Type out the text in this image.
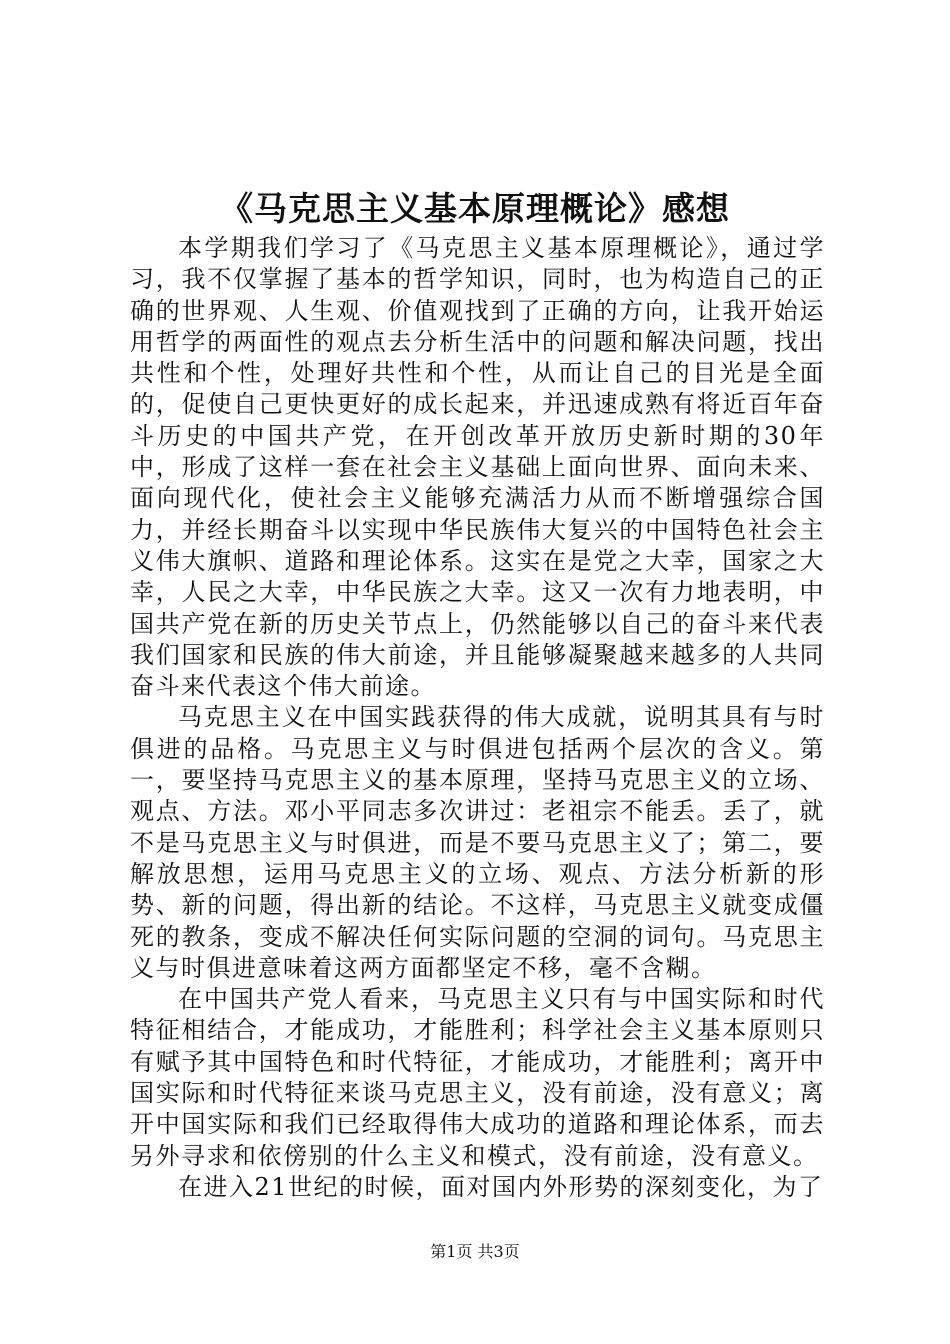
《马克思主义基本原理概论》感想

本学期我们学习了《马克思主义基本原理概论》，通过学习，我不仅掌握了基本的哲学知识，同时，也为构造自己的正确的世界观、人生观、价值观找到了正确的方向，让我开始运用哲学的两面性的观点去分析生活中的问题和解决问题，找出共性和个性，处理好共性和个性，从而让自己的目光是全面的，促使自己更快更好的成长起来，并迅速成熟有将近百年奋斗历史的中国共产党，在开创改革开放历史新时期的30年中，形成了这样一套在社会主义基础上面向世界、面向未来、面向现代化，使社会主义能够充满活力从而不断增强综合国力，并经长期奋斗以实现中华民族伟大复兴的中国特色社会主义伟大旗帜、道路和理论体系。这实在是党之大幸，国家之大幸，人民之大幸，中华民族之大幸。这又一次有力地表明，中国共产党在新的历史关节点上，仍然能够以自己的奋斗来代表我们国家和民族的伟大前途，并且能够凝聚越来越多的人共同奋斗来代表这个伟大前途。

马克思主义在中国实践获得的伟大成就，说明其具有与时俱进的品格。马克思主义与时俱进包括两个层次的含义。第一，要坚持马克思主义的基本原理，坚持马克思主义的立场、观点、方法。邓小平同志多次讲过：老祖宗不能丢。丢了，就不是马克思主义与时俱进，而是不要马克思主义了；第二，要解放思想，运用马克思主义的立场、观点、方法分析新的形势、新的问题，得出新的结论。不这样，马克思主义就变成僵死的教条，变成不解决任何实际问题的空洞的词句。马克思主义与时俱进意味着这两方面都坚定不移，毫不含糊。

在中国共产党人看来，马克思主义只有与中国实际和时代特征相结合，才能成功，才能胜利；科学社会主义基本原则只有赋予其中国特色和时代特征，才能成功，才能胜利；离开中国实际和时代特征来谈马克思主义，没有前途，没有意义；离开中国实际和我们已经取得伟大成功的道路和理论体系，而去另外寻求和依傍别的什么主义和模式，没有前途，没有意义。

在进入21世纪的时候，面对国内外形势的深刻变化，为了

第1页 共3页
